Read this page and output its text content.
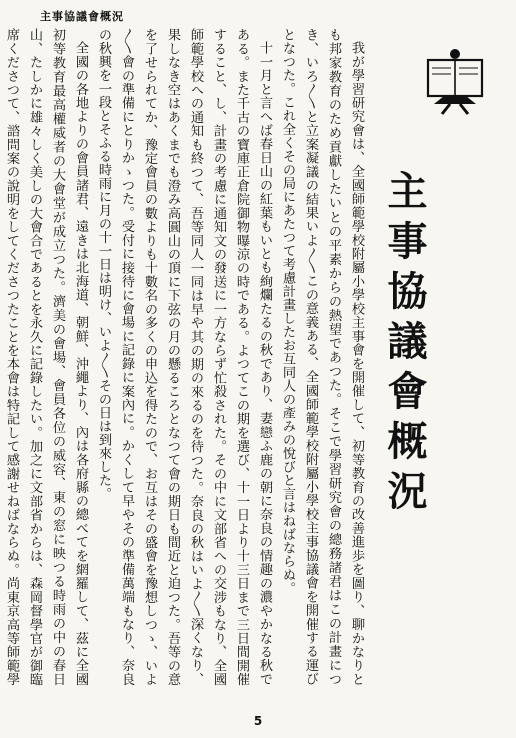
主事協議會概況
主事協議會概況

我が學習研究會は、全國師範學校附屬小學校主事會を開催して、初等教育の改善進歩を圖り、聊かなりとも邦家教育のため貢獻したいとの平素からの熱望であつた。そこで學習研究會の總務諸君はこの計畫につき、いろ〳〵と立案凝議の結果いよ〳〵この意義ある、全國師範學校附屬小學校主事協議會を開催する運びとなつた。これ全くその局にあたつて考慮計畫したお互同人の產みの悅びと言はねばならぬ。

十一月と言へば春日山の紅葉もいとも絢爛たるの秋であり、妻戀ふ鹿の朝に奈良の情趣の濃やかなる秋である。また千古の寶庫正倉院御物曝涼の時である。よつてこの期を選び、十一日より十三日まで三日間開催すること、し、計畫の考慮に通知文の發送に一方ならず忙殺された。その中に文部省への交涉もなり、全國師範學校への通知も終つて、吾等同人一同は早や其の期の來るのを待つた。奈良の秋はいよ〳〵深くなり、果しなき空はあくまでも澄み高圓山の頂に下弦の月の懸るころとなつて會の期日も間近と迫つた。吾等の意を了せられてか、豫定會員の數よりも十數名の多くの申込を得たので、お互はその盛會を豫想しつゝ、いよ〳〵會の準備にとりかゝつた。受付に接待に會場に記錄に案內に。かくして早やその準備萬端もなり、奈良の秋興を一段とそふる時雨に月の十一日は明け、いよ〳〵その日は到來した。

全國の各地よりの會員諸君、遠きは北海道、朝鮮、沖繩より、內は各府縣の總べてを網羅して、茲に全國初等教育最高權威者の大會堂が成立つた。濟美の會場、會員各位の威容、東の窓に映つる時雨の中の春日山、たしかに雄々しく美しの大會合であるとを永久に記錄したい。加之に文部省からは、森岡督學官が御臨席くださつて、諮問案の說明をしてくださつたことを本會は特記して感謝せねばならぬ。尚東京高等師範學

5
